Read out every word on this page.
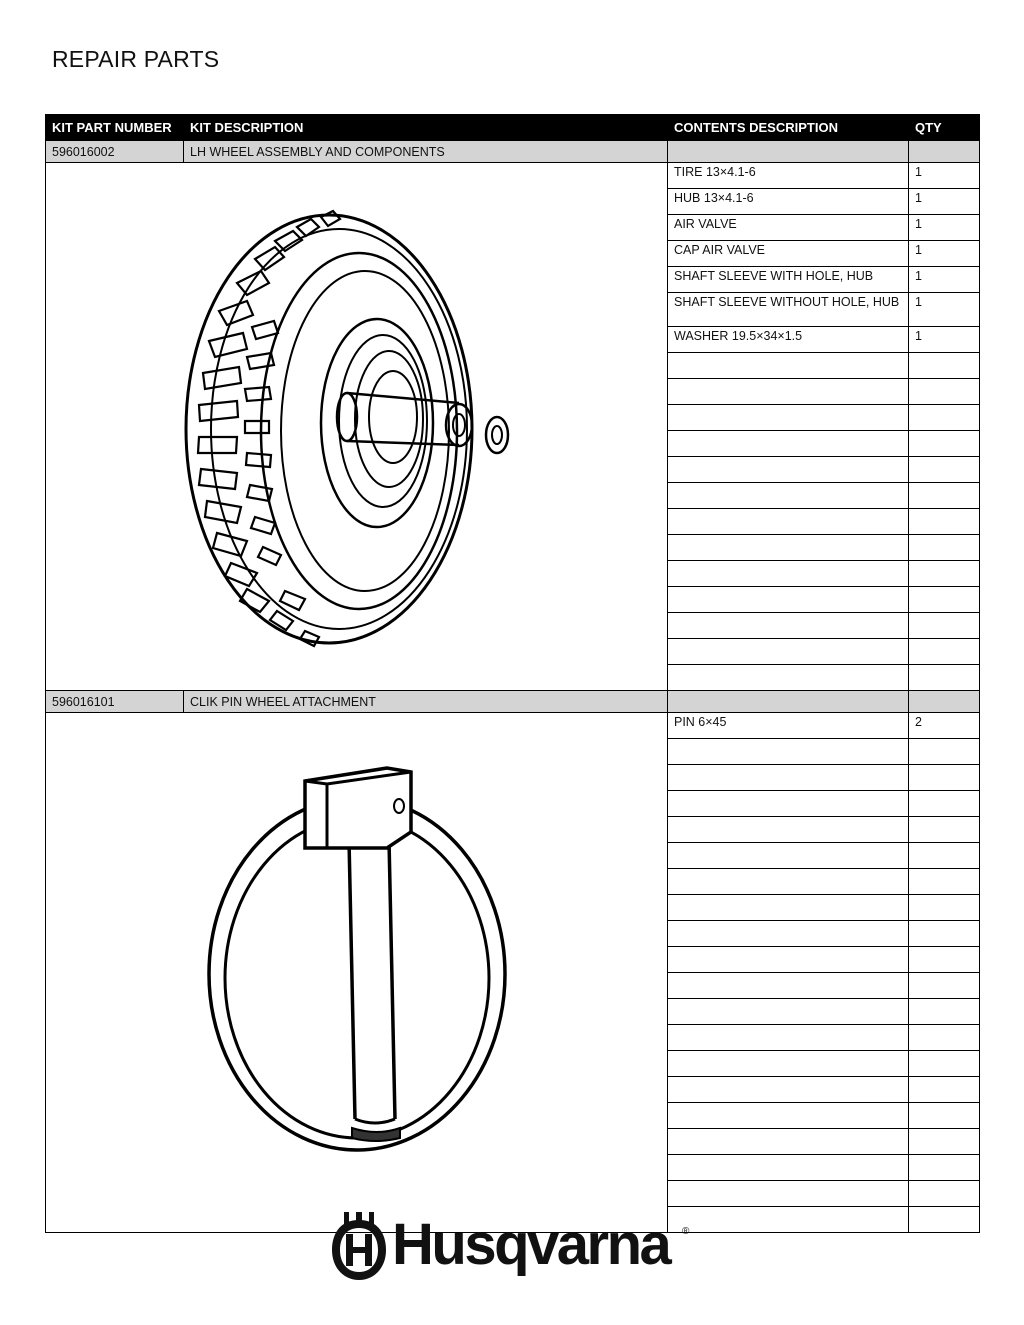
REPAIR PARTS
KIT PART NUMBER	KIT DESCRIPTION	CONTENTS DESCRIPTION	QTY
596016002	LH WHEEL ASSEMBLY AND COMPONENTS		

	TIRE 13×4.1-6	1
		HUB 13×4.1-6	1
		AIR VALVE	1
		CAP AIR VALVE	1
		SHAFT SLEEVE WITH HOLE, HUB	1
		SHAFT SLEEVE WITHOUT HOLE, HUB	1
		WASHER 19.5×34×1.5	1

596016101	CLIK PIN WHEEL ATTACHMENT		

	PIN 6×45	2

Husqvarna ®
